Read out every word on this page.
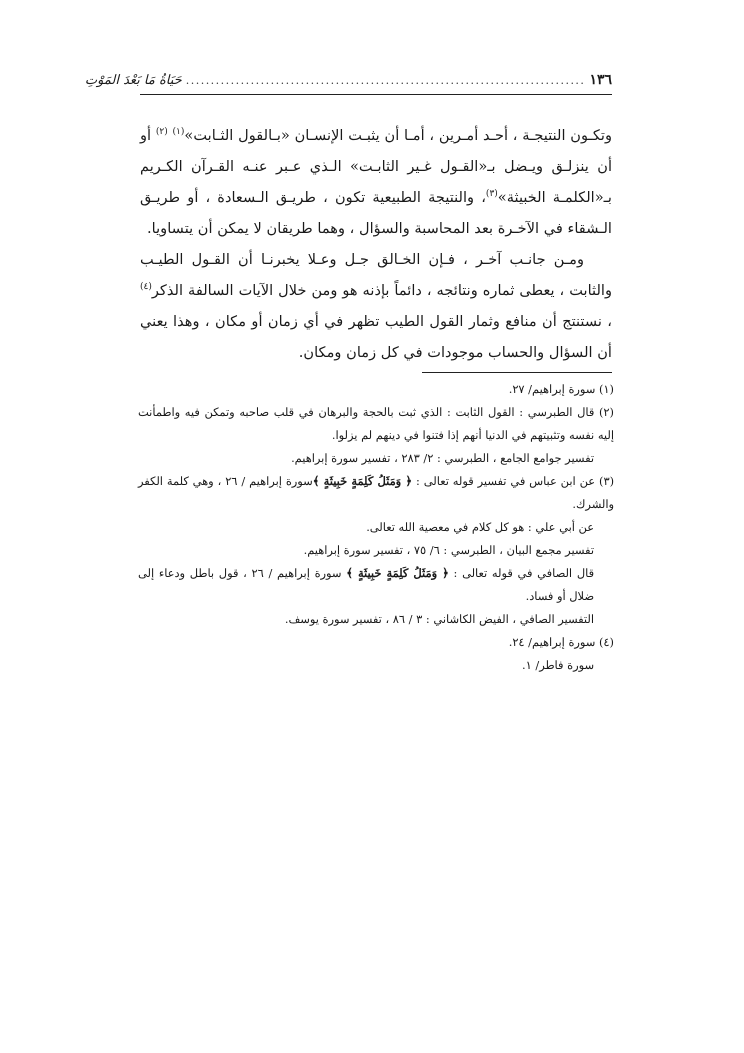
١٣٦
................................................................................
حَيَاةُ مَا بَعْدَ المَوْتِ

وتكـون النتيجـة ، أحـد أمـرين ، أمـا أن يثبـت الإنسـان «بـالقول الثـابت»$^{(١)}$ $^{(٢)}$ أو أن ينزلـق ويـضل بـ«القـول غـير الثابـت» الـذي عـبر عنـه القـرآن الكـريم بـ«الكلمـة الخبيثة»$^{(٣)}$، والنتيجة الطبيعية تكون ، طريـق الـسعادة ، أو طريـق الـشقاء في الآخـرة بعد المحاسبة والسؤال ، وهما طريقان لا يمكن أن يتساويا.

ومـن جانـب آخـر ، فـإن الخـالق جـل وعـلا يخبرنـا أن القـول الطيـب والثابت ، يعطى ثماره ونتائجه ، دائماً بإذنه هو ومن خلال الآيات السالفة الذكر$^{(٤)}$ ، نستنتج أن منافع وثمار القول الطيب تظهر في أي زمان أو مكان ، وهذا يعني أن السؤال والحساب موجودات في كل زمان ومكان.

(١) سورة إبراهيم/ ٢٧.

(٢) قال الطبرسي : القول الثابت : الذي ثبت بالحجة والبرهان في قلب صاحبه وتمكن فيه واطمأنت إليه نفسه وتثبيتهم في الدنيا أنهم إذا فتنوا في دينهم لم يزلوا.

تفسير جوامع الجامع ، الطبرسي : ٢/ ٢٨٣ ، تفسير سورة إبراهيم.

(٣) عن ابن عباس في تفسير قوله تعالى : ﴿ وَمَثَلُ كَلِمَةٍ خَبِيثَةٍ ﴾سورة إبراهيم / ٢٦ ، وهي كلمة الكفر والشرك.

عن أبي علي : هو كل كلام في معصية الله تعالى.

تفسير مجمع البيان ، الطبرسي : ٦/ ٧٥ ، تفسير سورة إبراهيم.

قال الصافي في قوله تعالى : ﴿ وَمَثَلُ كَلِمَةٍ خَبِيثَةٍ ﴾ سورة إبراهيم / ٢٦ ، قول باطل ودعاء إلى ضلال أو فساد.

التفسير الصافي ، الفيض الكاشاني : ٣ / ٨٦ ، تفسير سورة يوسف.

(٤) سورة إبراهيم/ ٢٤.

سورة فاطر/ ١.
